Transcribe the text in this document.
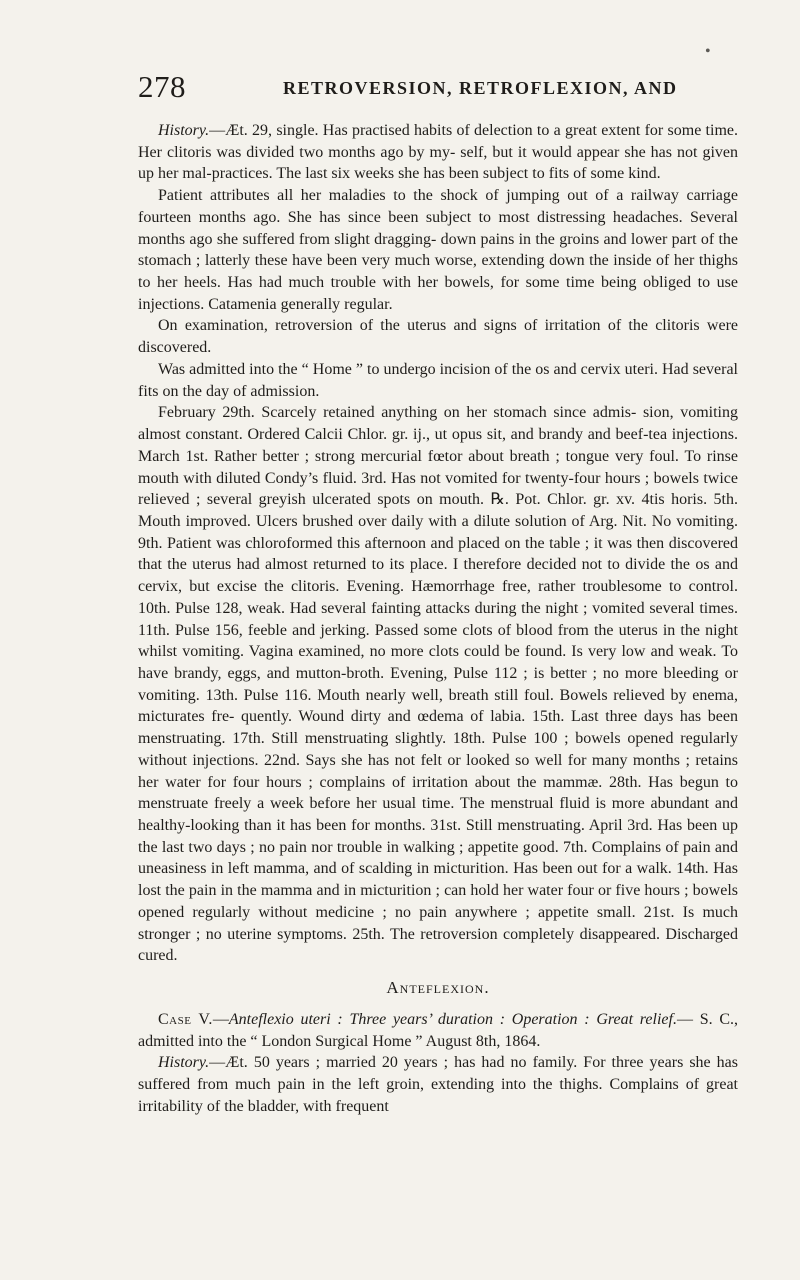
•
278	RETROVERSION, RETROFLEXION, AND

History.—Æt. 29, single. Has practised habits of delection to a great extent for some time. Her clitoris was divided two months ago by my- self, but it would appear she has not given up her mal-practices. The last six weeks she has been subject to fits of some kind.

Patient attributes all her maladies to the shock of jumping out of a railway carriage fourteen months ago. She has since been subject to most distressing headaches. Several months ago she suffered from slight dragging- down pains in the groins and lower part of the stomach ; latterly these have been very much worse, extending down the inside of her thighs to her heels. Has had much trouble with her bowels, for some time being obliged to use injections. Catamenia generally regular.

On examination, retroversion of the uterus and signs of irritation of the clitoris were discovered.

Was admitted into the “ Home ” to undergo incision of the os and cervix uteri. Had several fits on the day of admission.

February 29th. Scarcely retained anything on her stomach since admis- sion, vomiting almost constant. Ordered Calcii Chlor. gr. ij., ut opus sit, and brandy and beef-tea injections. March 1st. Rather better ; strong mercurial fœtor about breath ; tongue very foul. To rinse mouth with diluted Condy’s fluid. 3rd. Has not vomited for twenty-four hours ; bowels twice relieved ; several greyish ulcerated spots on mouth. ℞. Pot. Chlor. gr. xv. 4tis horis. 5th. Mouth improved. Ulcers brushed over daily with a dilute solution of Arg. Nit. No vomiting. 9th. Patient was chloroformed this afternoon and placed on the table ; it was then discovered that the uterus had almost returned to its place. I therefore decided not to divide the os and cervix, but excise the clitoris. Evening. Hæmorrhage free, rather troublesome to control. 10th. Pulse 128, weak. Had several fainting attacks during the night ; vomited several times. 11th. Pulse 156, feeble and jerking. Passed some clots of blood from the uterus in the night whilst vomiting. Vagina examined, no more clots could be found. Is very low and weak. To have brandy, eggs, and mutton-broth. Evening, Pulse 112 ; is better ; no more bleeding or vomiting. 13th. Pulse 116. Mouth nearly well, breath still foul. Bowels relieved by enema, micturates fre- quently. Wound dirty and œdema of labia. 15th. Last three days has been menstruating. 17th. Still menstruating slightly. 18th. Pulse 100 ; bowels opened regularly without injections. 22nd. Says she has not felt or looked so well for many months ; retains her water for four hours ; complains of irritation about the mammæ. 28th. Has begun to menstruate freely a week before her usual time. The menstrual fluid is more abundant and healthy-looking than it has been for months. 31st. Still menstruating. April 3rd. Has been up the last two days ; no pain nor trouble in walking ; appetite good. 7th. Complains of pain and uneasiness in left mamma, and of scalding in micturition. Has been out for a walk. 14th. Has lost the pain in the mamma and in micturition ; can hold her water four or five hours ; bowels opened regularly without medicine ; no pain anywhere ; appetite small. 21st. Is much stronger ; no uterine symptoms. 25th. The retroversion completely disappeared. Discharged cured.

Anteflexion.

Case V.—Anteflexio uteri : Three years’ duration : Operation : Great relief.— S. C., admitted into the “ London Surgical Home ” August 8th, 1864.

History.—Æt. 50 years ; married 20 years ; has had no family. For three years she has suffered from much pain in the left groin, extending into the thighs. Complains of great irritability of the bladder, with frequent
